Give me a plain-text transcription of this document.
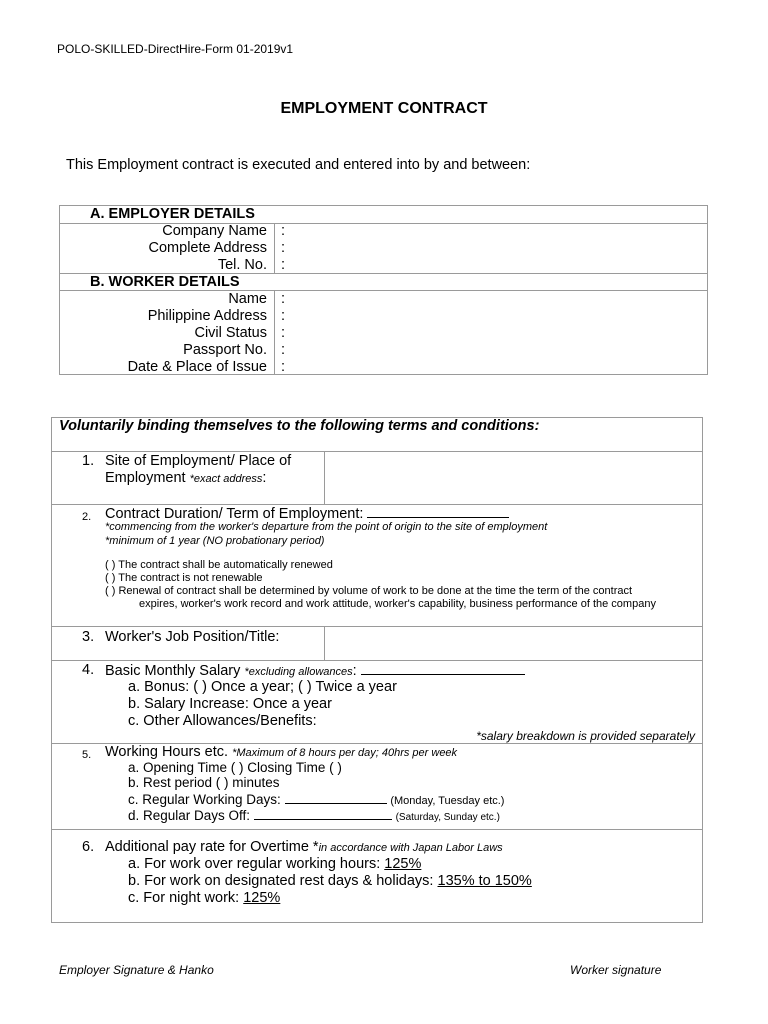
POLO-SKILLED-DirectHire-Form 01-2019v1
EMPLOYMENT CONTRACT
This Employment contract is executed and entered into by and between:
A. EMPLOYER DETAILS
Company Name :
Complete Address :
Tel. No. :
B. WORKER DETAILS
Name :
Philippine Address :
Civil Status :
Passport No. :
Date & Place of Issue :
Voluntarily binding themselves to the following terms and conditions:
1. Site of Employment/ Place of
Employment *exact address:
2. Contract Duration/ Term of Employment:
*commencing from the worker's departure from the point of origin to the site of employment
*minimum of 1 year (NO probationary period)
( ) The contract shall be automatically renewed
( ) The contract is not renewable
( ) Renewal of contract shall be determined by volume of work to be done at the time the term of the contract
expires, worker's work record and work attitude, worker's capability, business performance of the company
3. Worker's Job Position/Title:
4. Basic Monthly Salary *excluding allowances:
a. Bonus: ( ) Once a year; ( ) Twice a year
b. Salary Increase: Once a year
c. Other Allowances/Benefits:
*salary breakdown is provided separately
5. Working Hours etc. *Maximum of 8 hours per day; 40hrs per week
a. Opening Time ( ) Closing Time ( )
b. Rest period ( ) minutes
c. Regular Working Days:	(Monday, Tuesday etc.)
d. Regular Days Off:	(Saturday, Sunday etc.)
6. Additional pay rate for Overtime *in accordance with Japan Labor Laws
a. For work over regular working hours: 125%
b. For work on designated rest days & holidays: 135% to 150%
c. For night work: 125%
Employer Signature & Hanko	Worker signature
